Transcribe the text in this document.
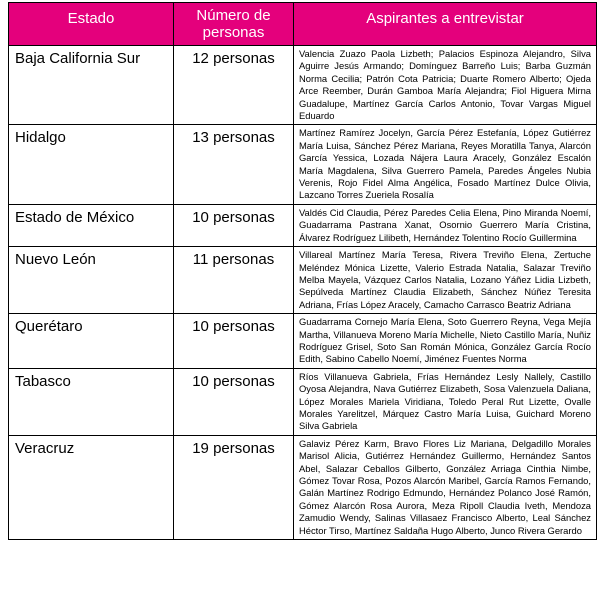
Estado	Número de personas	Aspirantes a entrevistar
Baja California Sur	12 personas	Valencia Zuazo Paola Lizbeth; Palacios Espinoza Alejandro, Silva Aguirre Jesús Armando; Domínguez Barreño Luis; Barba Guzmán Norma Cecilia; Patrón Cota Patricia; Duarte Romero Alberto; Ojeda Arce Reember, Durán Gamboa María Alejandra; Fiol Higuera Mirna Guadalupe, Martínez García Carlos Antonio, Tovar Vargas Miguel Eduardo
Hidalgo	13 personas	Martínez Ramírez Jocelyn, García Pérez Estefanía, López Gutiérrez María Luisa, Sánchez Pérez Mariana, Reyes Moratilla Tanya, Alarcón García Yessica, Lozada Nájera Laura Aracely, González Escalón María Magdalena, Silva Guerrero Pamela, Paredes Ángeles Nubia Verenis, Rojo Fidel Alma Angélica, Fosado Martínez Dulce Olivia, Lazcano Torres Zueriela Rosalía
Estado de México	10 personas	Valdés Cid Claudia, Pérez Paredes Celia Elena, Pino Miranda Noemí, Guadarrama Pastrana Xanat, Osornio Guerrero María Cristina, Álvarez Rodríguez Lilibeth, Hernández Tolentino Rocío Guillermina
Nuevo León	11 personas	Villareal Martínez María Teresa, Rivera Treviño Elena, Zertuche Meléndez Mónica Lizette, Valerio Estrada Natalia, Salazar Treviño Melba Mayela, Vázquez Carlos Natalia, Lozano Yáñez Lidia Lizbeth, Sepúlveda Martínez Claudia Elizabeth, Sánchez Núñez Teresita Adriana, Frías López Aracely, Camacho Carrasco Beatriz Adriana
Querétaro	10 personas	Guadarrama Cornejo María Elena, Soto Guerrero Reyna, Vega Mejía Martha, Villanueva Moreno María Michelle, Nieto Castillo María, Nuñiz Rodríguez Grisel, Soto San Román Mónica, González García Rocío Edith, Sabino Cabello Noemí, Jiménez Fuentes Norma
Tabasco	10 personas	Ríos Villanueva Gabriela, Frías Hernández Lesly Nallely, Castillo Oyosa Alejandra, Nava Gutiérrez Elizabeth, Sosa Valenzuela Daliana, López Morales Mariela Viridiana, Toledo Peral Rut Lizette, Ovalle Morales Yarelitzel, Márquez Castro María Luisa, Guichard Moreno Silva Gabriela
Veracruz	19 personas	Galaviz Pérez Karm, Bravo Flores Liz Mariana, Delgadillo Morales Marisol Alicia, Gutiérrez Hernández Guillermo, Hernández Santos Abel, Salazar Ceballos Gilberto, González Arriaga Cinthia Nimbe, Gómez Tovar Rosa, Pozos Alarcón Maribel, García Ramos Fernando, Galán Martínez Rodrigo Edmundo, Hernández Polanco José Ramón, Gómez Alarcón Rosa Aurora, Meza Ripoll Claudia Iveth, Mendoza Zamudio Wendy, Salinas Villasaez Francisco Alberto, Leal Sánchez Héctor Tirso, Martínez Saldaña Hugo Alberto, Junco Rivera Gerardo
